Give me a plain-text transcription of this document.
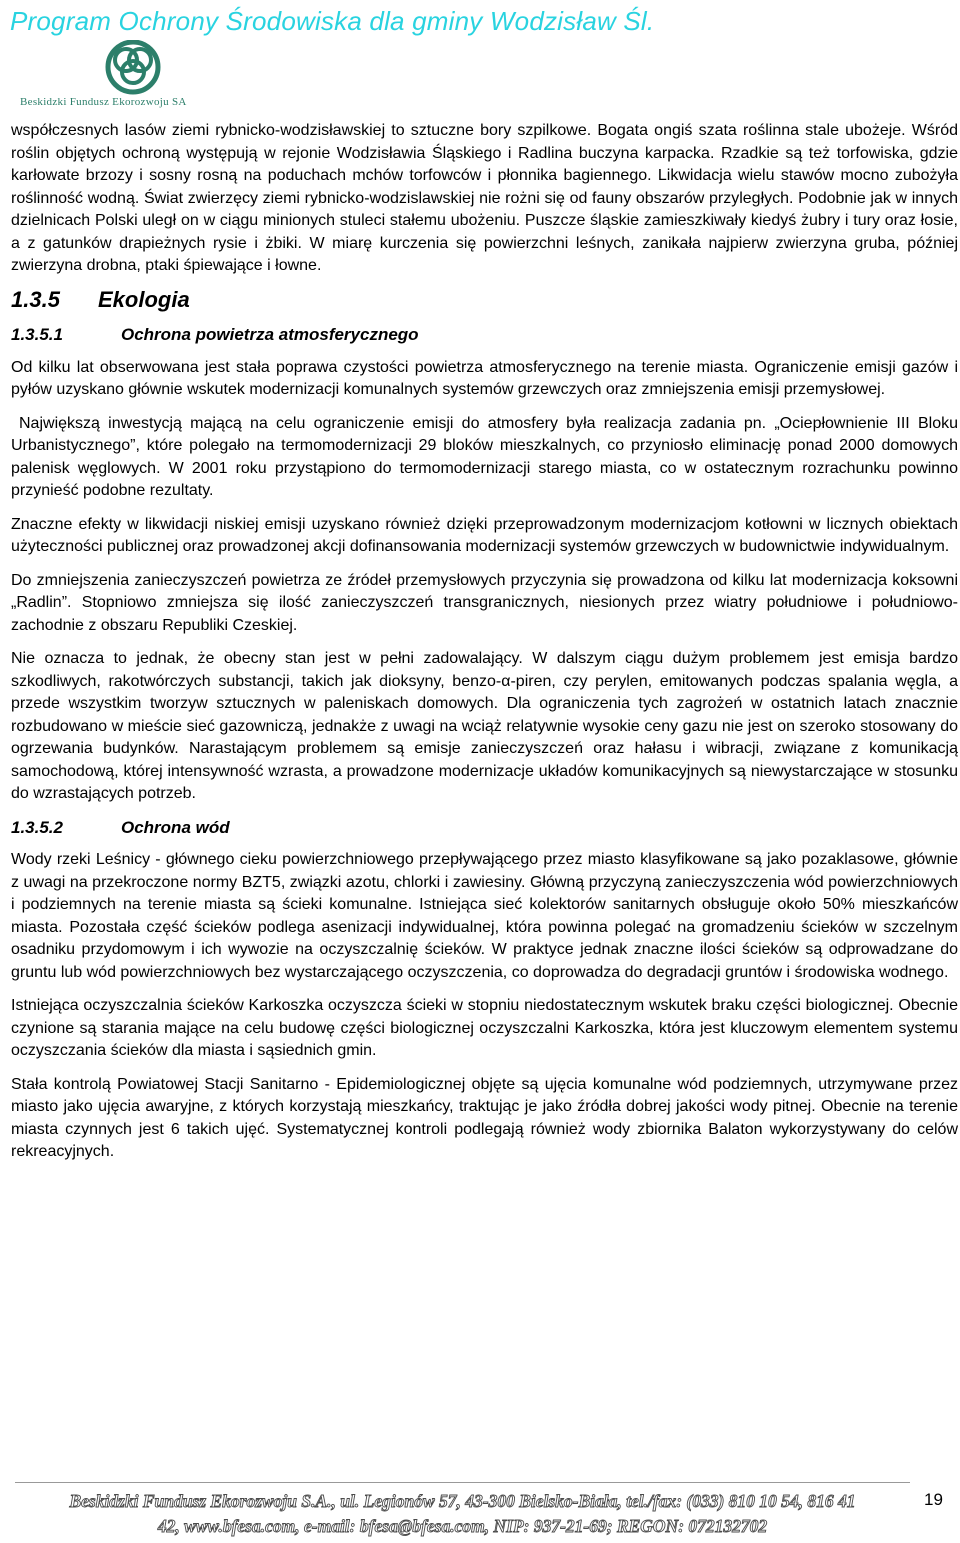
Program Ochrony Środowiska dla gminy Wodzisław Śl.
Beskidzki Fundusz Ekorozwoju SA

współczesnych lasów ziemi rybnicko-wodzisławskiej to sztuczne bory szpilkowe. Bogata ongiś szata roślinna stale ubożeje. Wśród roślin objętych ochroną występują w rejonie Wodzisławia Śląskiego i Radlina buczyna karpacka. Rzadkie są też torfowiska, gdzie karłowate brzozy i sosny rosną na poduchach mchów torfowców i płonnika bagiennego. Likwidacja wielu stawów mocno zubożyła roślinność wodną. Świat zwierzęcy ziemi rybnicko-wodzislawskiej nie rożni się od fauny obszarów przyległych. Podobnie jak w innych dzielnicach Polski uległ on w ciągu minionych stuleci stałemu ubożeniu. Puszcze śląskie zamieszkiwały kiedyś żubry i tury oraz łosie, a z gatunków drapieżnych rysie i żbiki. W miarę kurczenia się powierzchni leśnych, zanikała najpierw zwierzyna gruba, później zwierzyna drobna, ptaki śpiewające i łowne.

1.3.5	Ekologia
1.3.5.1	Ochrona powietrza atmosferycznego

Od kilku lat obserwowana jest stała poprawa czystości powietrza atmosferycznego na terenie miasta. Ograniczenie emisji gazów i pyłów uzyskano głównie wskutek modernizacji komunalnych systemów grzewczych oraz zmniejszenia emisji przemysłowej.

Największą inwestycją mającą na celu ograniczenie emisji do atmosfery była realizacja zadania pn. „Ociepłownienie III Bloku Urbanistycznego”, które polegało na termomodernizacji 29 bloków mieszkalnych, co przyniosło eliminację ponad 2000 domowych palenisk węglowych. W 2001 roku przystąpiono do termomodernizacji starego miasta, co w ostatecznym rozrachunku powinno przynieść podobne rezultaty.

Znaczne efekty w likwidacji niskiej emisji uzyskano również dzięki przeprowadzonym modernizacjom kotłowni w licznych obiektach użyteczności publicznej oraz prowadzonej akcji dofinansowania modernizacji systemów grzewczych w budownictwie indywidualnym.

Do zmniejszenia zanieczyszczeń powietrza ze źródeł przemysłowych przyczynia się prowadzona od kilku lat modernizacja koksowni „Radlin”. Stopniowo zmniejsza się ilość zanieczyszczeń transgranicznych, niesionych przez wiatry południowe i południowo- zachodnie z obszaru Republiki Czeskiej.

Nie oznacza to jednak, że obecny stan jest w pełni zadowalający. W dalszym ciągu dużym problemem jest emisja bardzo szkodliwych, rakotwórczych substancji, takich jak dioksyny, benzo-α-piren, czy perylen, emitowanych podczas spalania węgla, a przede wszystkim tworzyw sztucznych w paleniskach domowych. Dla ograniczenia tych zagrożeń w ostatnich latach znacznie rozbudowano w mieście sieć gazowniczą, jednakże z uwagi na wciąż relatywnie wysokie ceny gazu nie jest on szeroko stosowany do ogrzewania budynków. Narastającym problemem są emisje zanieczyszczeń oraz hałasu i wibracji, związane z komunikacją samochodową, której intensywność wzrasta, a prowadzone modernizacje układów komunikacyjnych są niewystarczające w stosunku do wzrastających potrzeb.

1.3.5.2	Ochrona wód

Wody rzeki Leśnicy - głównego cieku powierzchniowego przepływającego przez miasto klasyfikowane są jako pozaklasowe, głównie z uwagi na przekroczone normy BZT5, związki azotu, chlorki i zawiesiny. Główną przyczyną zanieczyszczenia wód powierzchniowych i podziemnych na terenie miasta są ścieki komunalne. Istniejąca sieć kolektorów sanitarnych obsługuje około 50% mieszkańców miasta. Pozostała część ścieków podlega asenizacji indywidualnej, która powinna polegać na gromadzeniu ścieków w szczelnym osadniku przydomowym i ich wywozie na oczyszczalnię ścieków. W praktyce jednak znaczne ilości ścieków są odprowadzane do gruntu lub wód powierzchniowych bez wystarczającego oczyszczenia, co doprowadza do degradacji gruntów i środowiska wodnego.

Istniejąca oczyszczalnia ścieków Karkoszka oczyszcza ścieki w stopniu niedostatecznym wskutek braku części biologicznej. Obecnie czynione są starania mające na celu budowę części biologicznej oczyszczalni Karkoszka, która jest kluczowym elementem systemu oczyszczania ścieków dla miasta i sąsiednich gmin.

Stała kontrolą Powiatowej Stacji Sanitarno - Epidemiologicznej objęte są ujęcia komunalne wód podziemnych, utrzymywane przez miasto jako ujęcia awaryjne, z których korzystają mieszkańcy, traktując je jako źródła dobrej jakości wody pitnej. Obecnie na terenie miasta czynnych jest 6 takich ujęć. Systematycznej kontroli podlegają również wody zbiornika Balaton wykorzystywany do celów rekreacyjnych.

Beskidzki Fundusz Ekorozwoju S.A., ul. Legionów 57, 43-300 Bielsko-Biała, tel./fax: (033) 810 10 54, 816 41
42, www.bfesa.com, e-mail: bfesa@bfesa.com, NIP: 937-21-69; REGON: 072132702
19
